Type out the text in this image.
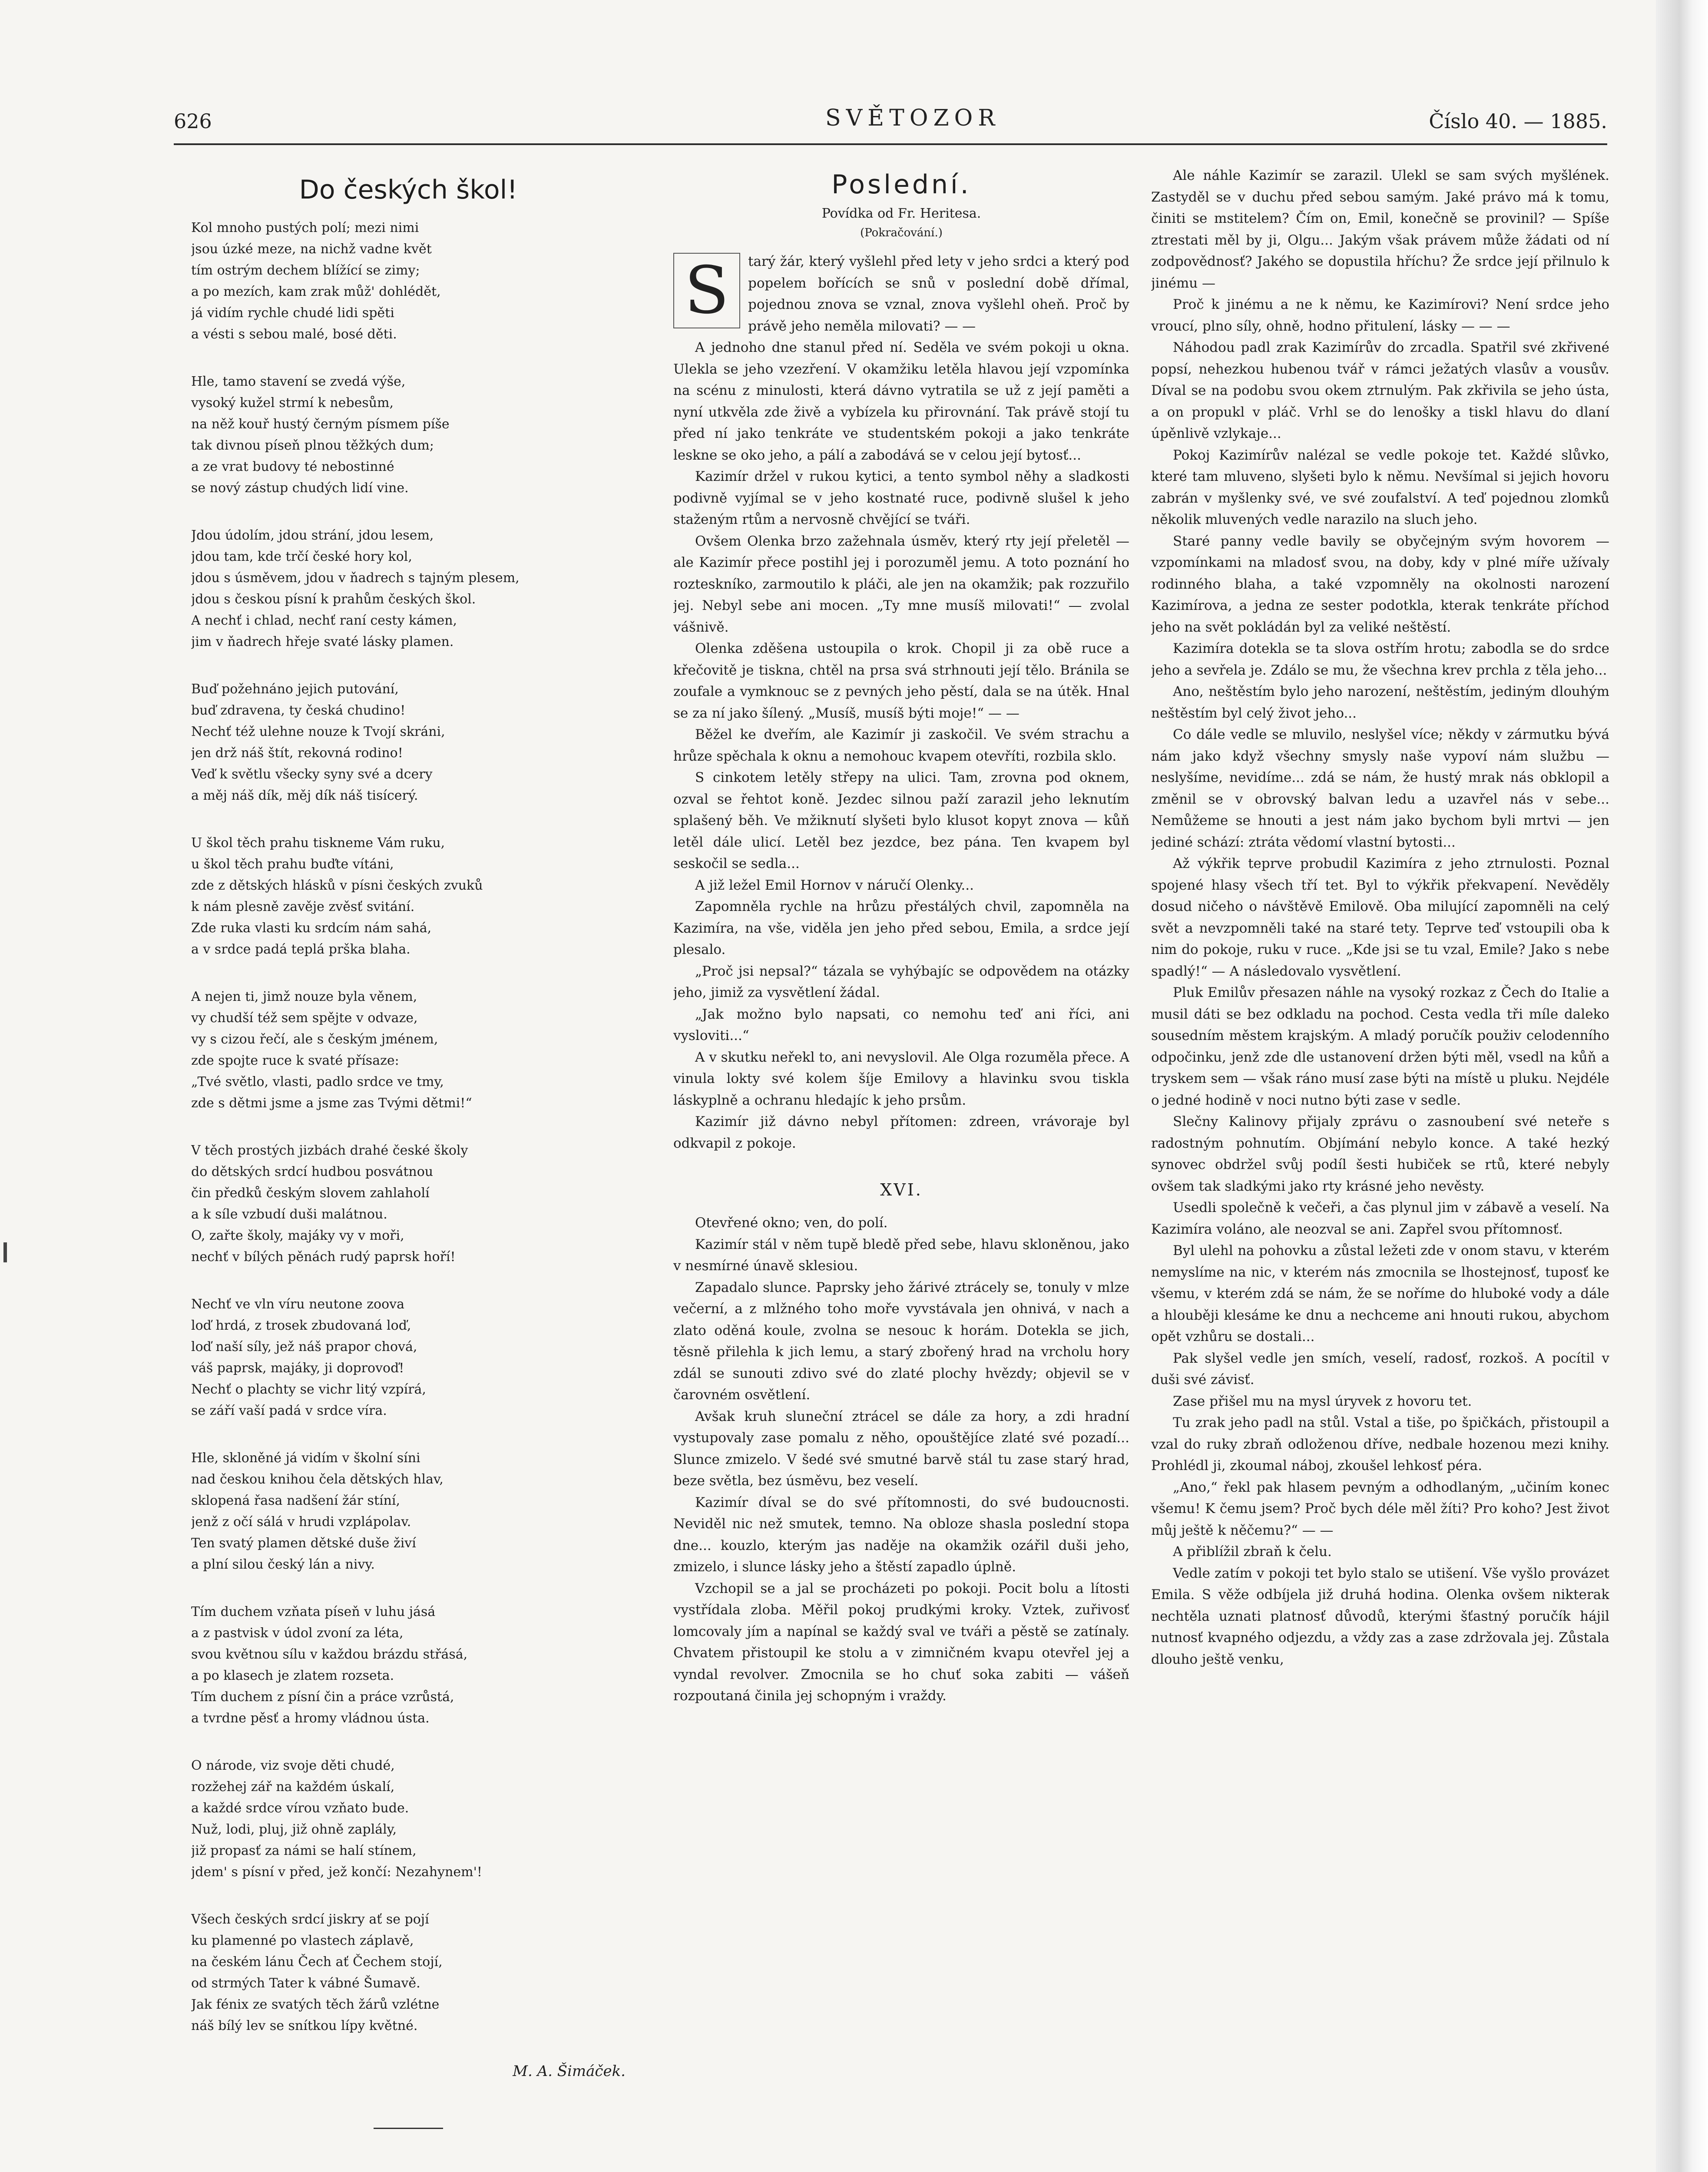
626	SVĚTOZOR	Číslo 40. — 1885.
Do českých škol!
Kol mnoho pustých polí; mezi nimi
jsou úzké meze, na nichž vadne květ
tím ostrým dechem blížící se zimy;
a po mezích, kam zrak můž' dohlédět,
já vidím rychle chudé lidi spěti
a vésti s sebou malé, bosé děti.
Hle, tamo stavení se zvedá výše,
vysoký kužel strmí k nebesům,
na něž kouř hustý černým písmem píše
tak divnou píseň plnou těžkých dum;
a ze vrat budovy té nebostinné
se nový zástup chudých lidí vine.
Jdou údolím, jdou strání, jdou lesem,
jdou tam, kde trčí české hory kol,
jdou s úsměvem, jdou v ňadrech s tajným plesem,
jdou s českou písní k prahům českých škol.
A nechť i chlad, nechť raní cesty kámen,
jim v ňadrech hřeje svaté lásky plamen.
Buď požehnáno jejich putování,
buď zdravena, ty česká chudino!
Nechť též ulehne nouze k Tvojí skráni,
jen drž náš štít, rekovná rodino!
Veď k světlu všecky syny své a dcery
a měj náš dík, měj dík náš tisícerý.
U škol těch prahu tiskneme Vám ruku,
u škol těch prahu buďte vítáni,
zde z dětských hlásků v písni českých zvuků
k nám plesně zavěje zvěsť svitání.
Zde ruka vlasti ku srdcím nám sahá,
a v srdce padá teplá prška blaha.
A nejen ti, jimž nouze byla věnem,
vy chudší též sem spějte v odvaze,
vy s cizou řečí, ale s českým jménem,
zde spojte ruce k svaté přísaze:
„Tvé světlo, vlasti, padlo srdce ve tmy,
zde s dětmi jsme a jsme zas Tvými dětmi!“
V těch prostých jizbách drahé české školy
do dětských srdcí hudbou posvátnou
čin předků českým slovem zahlaholí
a k síle vzbudí duši malátnou.
O, zařte školy, majáky vy v moři,
nechť v bílých pěnách rudý paprsk hoří!
Nechť ve vln víru neutone zoova
loď hrdá, z trosek zbudovaná loď,
loď naší síly, jež náš prapor chová,
váš paprsk, majáky, ji doprovoď!
Nechť o plachty se vichr litý vzpírá,
se září vaší padá v srdce víra.
Hle, skloněné já vidím v školní síni
nad českou knihou čela dětských hlav,
sklopená řasa nadšení žár stíní,
jenž z očí sálá v hrudi vzplápolav.
Ten svatý plamen dětské duše živí
a plní silou český lán a nivy.
Tím duchem vzňata píseň v luhu jásá
a z pastvisk v údol zvoní za léta,
svou květnou sílu v každou brázdu střásá,
a po klasech je zlatem rozseta.
Tím duchem z písní čin a práce vzrůstá,
a tvrdne pěsť a hromy vládnou ústa.
O národe, viz svoje děti chudé,
rozžehej zář na každém úskalí,
a každé srdce vírou vzňato bude.
Nuž, lodi, pluj, již ohně zaplály,
již propasť za námi se halí stínem,
jdem' s písní v před, jež končí: Nezahynem'!
Všech českých srdcí jiskry ať se pojí
ku plamenné po vlastech záplavě,
na českém lánu Čech ať Čechem stojí,
od strmých Tater k vábné Šumavě.
Jak fénix ze svatých těch žárů vzlétne
náš bílý lev se snítkou lípy květné.
M. A. Šimáček.
Poslední.
Povídka od Fr. Heritesa.
(Pokračování.)
S	tarý žár, který vyšlehl před lety v jeho srdci a který pod popelem bořících se snů v poslední době dřímal, pojednou znova se vznal, znova vyšlehl oheň. Proč by právě jeho neměla milovati? — —

A jednoho dne stanul před ní. Seděla ve svém pokoji u okna. Ulekla se jeho vzezření. V okamžiku letěla hlavou její vzpomínka na scénu z minulosti, která dávno vytratila se už z její paměti a nyní utkvěla zde živě a vybízela ku přirovnání. Tak právě stojí tu před ní jako tenkráte ve studentském pokoji a jako tenkráte leskne se oko jeho, a pálí a zabodává se v celou její bytosť...

Kazimír držel v rukou kytici, a tento symbol něhy a sladkosti podivně vyjímal se v jeho kostnaté ruce, podivně slušel k jeho staženým rtům a nervosně chvějící se tváři.

Ovšem Olenka brzo zažehnala úsměv, který rty její přeletěl — ale Kazimír přece postihl jej i porozuměl jemu. A toto poznání ho rozteskníko, zarmoutilo k pláči, ale jen na okamžik; pak rozzuřilo jej. Nebyl sebe ani mocen. „Ty mne musíš milovati!“ — zvolal vášnivě.

Olenka zděšena ustoupila o krok. Chopil ji za obě ruce a křečovitě je tiskna, chtěl na prsa svá strhnouti její tělo. Bránila se zoufale a vymknouc se z pevných jeho pěstí, dala se na útěk. Hnal se za ní jako šílený. „Musíš, musíš býti moje!“ — —

Běžel ke dveřím, ale Kazimír ji zaskočil. Ve svém strachu a hrůze spěchala k oknu a nemohouc kvapem otevříti, rozbila sklo.

S cinkotem letěly střepy na ulici. Tam, zrovna pod oknem, ozval se řehtot koně. Jezdec silnou paží zarazil jeho leknutím splašený běh. Ve mžiknutí slyšeti bylo klusot kopyt znova — kůň letěl dále ulicí. Letěl bez jezdce, bez pána. Ten kvapem byl seskočil se sedla...

A již ležel Emil Hornov v náručí Olenky...

Zapomněla rychle na hrůzu přestálých chvil, zapomněla na Kazimíra, na vše, viděla jen jeho před sebou, Emila, a srdce její plesalo.

„Proč jsi nepsal?“ tázala se vyhýbajíc se odpovědem na otázky jeho, jimiž za vysvětlení žádal.

„Jak možno bylo napsati, co nemohu teď ani říci, ani vysloviti...“

A v skutku neřekl to, ani nevyslovil. Ale Olga rozuměla přece. A vinula lokty své kolem šíje Emilovy a hlavinku svou tiskla láskyplně a ochranu hledajíc k jeho prsům.

Kazimír již dávno nebyl přítomen: zdreen, vrávoraje byl odkvapil z pokoje.

XVI.

Otevřené okno; ven, do polí.

Kazimír stál v něm tupě bledě před sebe, hlavu skloněnou, jako v nesmírné únavě sklesiou.

Zapadalo slunce. Paprsky jeho žárivé ztrácely se, tonuly v mlze večerní, a z mlžného toho moře vyvstávala jen ohnivá, v nach a zlato oděná koule, zvolna se nesouc k horám. Dotekla se jich, těsně přilehla k jich lemu, a starý zbořený hrad na vrcholu hory zdál se sunouti zdivo své do zlaté plochy hvězdy; objevil se v čarovném osvětlení.

Avšak kruh sluneční ztrácel se dále za hory, a zdi hradní vystupovaly zase pomalu z něho, opouštějíce zlaté své pozadí... Slunce zmizelo. V šedé své smutné barvě stál tu zase starý hrad, beze světla, bez úsměvu, bez veselí.

Kazimír díval se do své přítomnosti, do své budoucnosti. Neviděl nic než smutek, temno. Na obloze shasla poslední stopa dne... kouzlo, kterým jas naděje na okamžik ozářil duši jeho, zmizelo, i slunce lásky jeho a štěstí zapadlo úplně.

Vzchopil se a jal se procházeti po pokoji. Pocit bolu a lítosti vystřídala zloba. Měřil pokoj prudkými kroky. Vztek, zuřivosť lomcovaly jím a napínal se každý sval ve tváři a pěstě se zatínaly. Chvatem přistoupil ke stolu a v zimničném kvapu otevřel jej a vyndal revolver. Zmocnila se ho chuť soka zabiti — vášeň rozpoutaná činila jej schopným i vraždy.

Ale náhle Kazimír se zarazil. Ulekl se sam svých myšlének. Zastyděl se v duchu před sebou samým. Jaké právo má k tomu, činiti se mstitelem? Čím on, Emil, konečně se provinil? — Spíše ztrestati měl by ji, Olgu... Jakým však právem může žádati od ní zodpovědnosť? Jakého se dopustila hříchu? Že srdce její přilnulo k jinému —

Proč k jinému a ne k němu, ke Kazimírovi? Není srdce jeho vroucí, plno síly, ohně, hodno přitulení, lásky — — —

Náhodou padl zrak Kazimírův do zrcadla. Spatřil své zkřivené popsí, nehezkou hubenou tvář v rámci ježatých vlasův a vousův. Díval se na podobu svou okem ztrnulým. Pak zkřivila se jeho ústa, a on propukl v pláč. Vrhl se do lenošky a tiskl hlavu do dlaní úpěnlivě vzlykaje...

Pokoj Kazimírův nalézal se vedle pokoje tet. Každé slůvko, které tam mluveno, slyšeti bylo k němu. Nevšímal si jejich hovoru zabrán v myšlenky své, ve své zoufalství. A teď pojednou zlomků několik mluvených vedle narazilo na sluch jeho.

Staré panny vedle bavily se obyčejným svým hovorem — vzpomínkami na mladosť svou, na doby, kdy v plné míře užívaly rodinného blaha, a také vzpomněly na okolnosti narození Kazimírova, a jedna ze sester podotkla, kterak tenkráte příchod jeho na svět pokládán byl za veliké neštěstí.

Kazimíra dotekla se ta slova ostřím hrotu; zabodla se do srdce jeho a sevřela je. Zdálo se mu, že všechna krev prchla z těla jeho...

Ano, neštěstím bylo jeho narození, neštěstím, jediným dlouhým neštěstím byl celý život jeho...

Co dále vedle se mluvilo, neslyšel více; někdy v zármutku bývá nám jako když všechny smysly naše vypoví nám službu — neslyšíme, nevidíme... zdá se nám, že hustý mrak nás obklopil a změnil se v obrovský balvan ledu a uzavřel nás v sebe... Nemůžeme se hnouti a jest nám jako bychom byli mrtvi — jen jediné schází: ztráta vědomí vlastní bytosti...

Až výkřik teprve probudil Kazimíra z jeho ztrnulosti. Poznal spojené hlasy všech tří tet. Byl to výkřik překvapení. Nevěděly dosud ničeho o návštěvě Emilově. Oba milující zapomněli na celý svět a nevzpomněli také na staré tety. Teprve teď vstoupili oba k nim do pokoje, ruku v ruce. „Kde jsi se tu vzal, Emile? Jako s nebe spadlý!“ — A následovalo vysvětlení.

Pluk Emilův přesazen náhle na vysoký rozkaz z Čech do Italie a musil dáti se bez odkladu na pochod. Cesta vedla tři míle daleko sousedním městem krajským. A mladý poručík použiv celodenního odpočinku, jenž zde dle ustanovení držen býti měl, vsedl na kůň a tryskem sem — však ráno musí zase býti na místě u pluku. Nejdéle o jedné hodině v noci nutno býti zase v sedle.

Slečny Kalinovy přijaly zprávu o zasnoubení své neteře s radostným pohnutím. Objímání nebylo konce. A také hezký synovec obdržel svůj podíl šesti hubiček se rtů, které nebyly ovšem tak sladkými jako rty krásné jeho nevěsty.

Usedli společně k večeři, a čas plynul jim v zábavě a veselí. Na Kazimíra voláno, ale neozval se ani. Zapřel svou přítomnosť.

Byl ulehl na pohovku a zůstal ležeti zde v onom stavu, v kterém nemyslíme na nic, v kterém nás zmocnila se lhostejnosť, tuposť ke všemu, v kterém zdá se nám, že se noříme do hluboké vody a dále a hlouběji klesáme ke dnu a nechceme ani hnouti rukou, abychom opět vzhůru se dostali...

Pak slyšel vedle jen smích, veselí, radosť, rozkoš. A pocítil v duši své závisť.

Zase přišel mu na mysl úryvek z hovoru tet.

Tu zrak jeho padl na stůl. Vstal a tiše, po špičkách, přistoupil a vzal do ruky zbraň odloženou dříve, nedbale hozenou mezi knihy. Prohlédl ji, zkoumal náboj, zkoušel lehkosť péra.

„Ano,“ řekl pak hlasem pevným a odhodlaným, „učiním konec všemu! K čemu jsem? Proč bych déle měl žíti? Pro koho? Jest život můj ještě k něčemu?“ — —

A přiblížil zbraň k čelu.

Vedle zatím v pokoji tet bylo stalo se utišení. Vše vyšlo provázet Emila. S věže odbíjela již druhá hodina. Olenka ovšem nikterak nechtěla uznati platnosť důvodů, kterými šťastný poručík hájil nutnosť kvapného odjezdu, a vždy zas a zase zdržovala jej. Zůstala dlouho ještě venku,
